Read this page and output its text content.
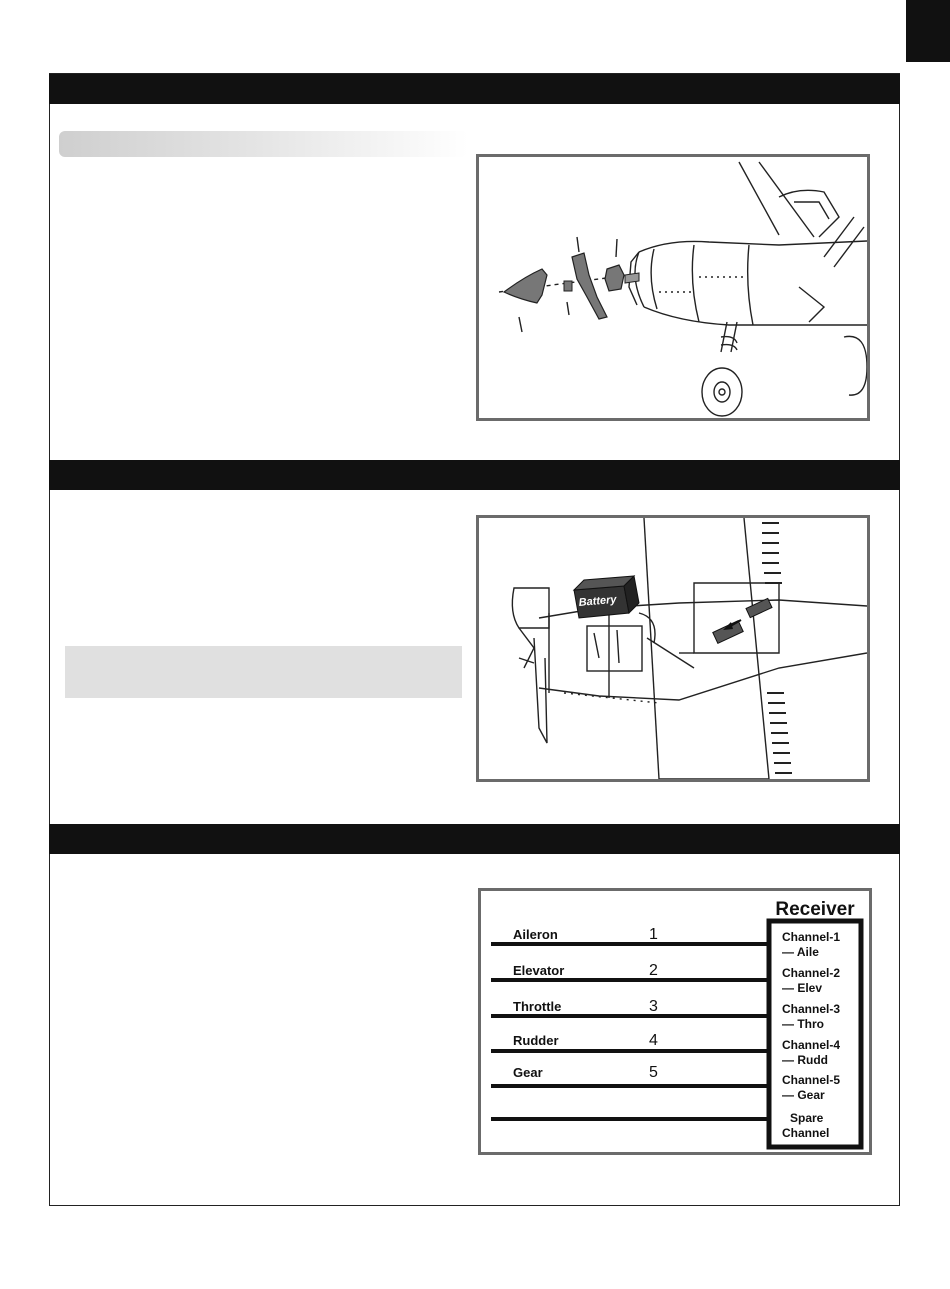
Battery
Receiver
Aileron
Elevator
Throttle
Rudder
Gear
1
2
3
4
5
Channel-1
— Aile
Channel-2
— Elev
Channel-3
— Thro
Channel-4
— Rudd
Channel-5
— Gear
Spare
Channel
